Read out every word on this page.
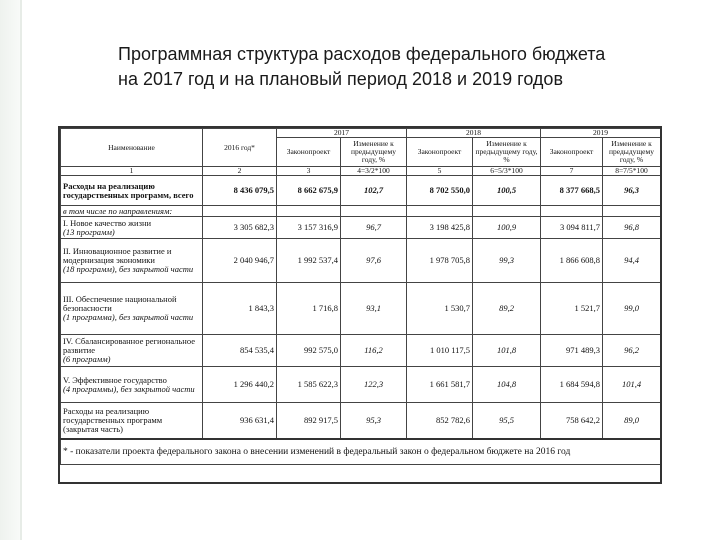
Программная структура расходов федерального бюджета
на 2017 год и на плановый период 2018 и 2019 годов
Наименование	2016 год*	2017		2018		2019	
		Законопроект	Изменение к предыдущему году, %	Законопроект	Изменение к предыдущему году, %	Законопроект	Изменение к предыдущему году, %
1	2	3	4=3/2*100	5	6=5/3*100	7	8=7/5*100
Расходы на реализацию государственных программ, всего	8 436 079,5	8 662 675,9	102,7	8 702 550,0	100,5	8 377 668,5	96,3
в том числе по направлениям:							
I. Новое качество жизни
(13 программ)	3 305 682,3	3 157 316,9	96,7	3 198 425,8	100,9	3 094 811,7	96,8
II. Инновационное развитие и модернизация экономики
(18 программ), без закрытой части	2 040 946,7	1 992 537,4	97,6	1 978 705,8	99,3	1 866 608,8	94,4
III. Обеспечение национальной безопасности
(1 программа), без закрытой части	1 843,3	1 716,8	93,1	1 530,7	89,2	1 521,7	99,0
IV. Сбалансированное региональное развитие
(6 программ)	854 535,4	992 575,0	116,2	1 010 117,5	101,8	971 489,3	96,2
V. Эффективное государство
(4 программы), без закрытой части	1 296 440,2	1 585 622,3	122,3	1 661 581,7	104,8	1 684 594,8	101,4
Расходы на реализацию государственных программ
(закрытая часть)	936 631,4	892 917,5	95,3	852 782,6	95,5	758 642,2	89,0
* - показатели проекта федерального закона о внесении изменений в федеральный закон о федеральном бюджете на 2016 год							
